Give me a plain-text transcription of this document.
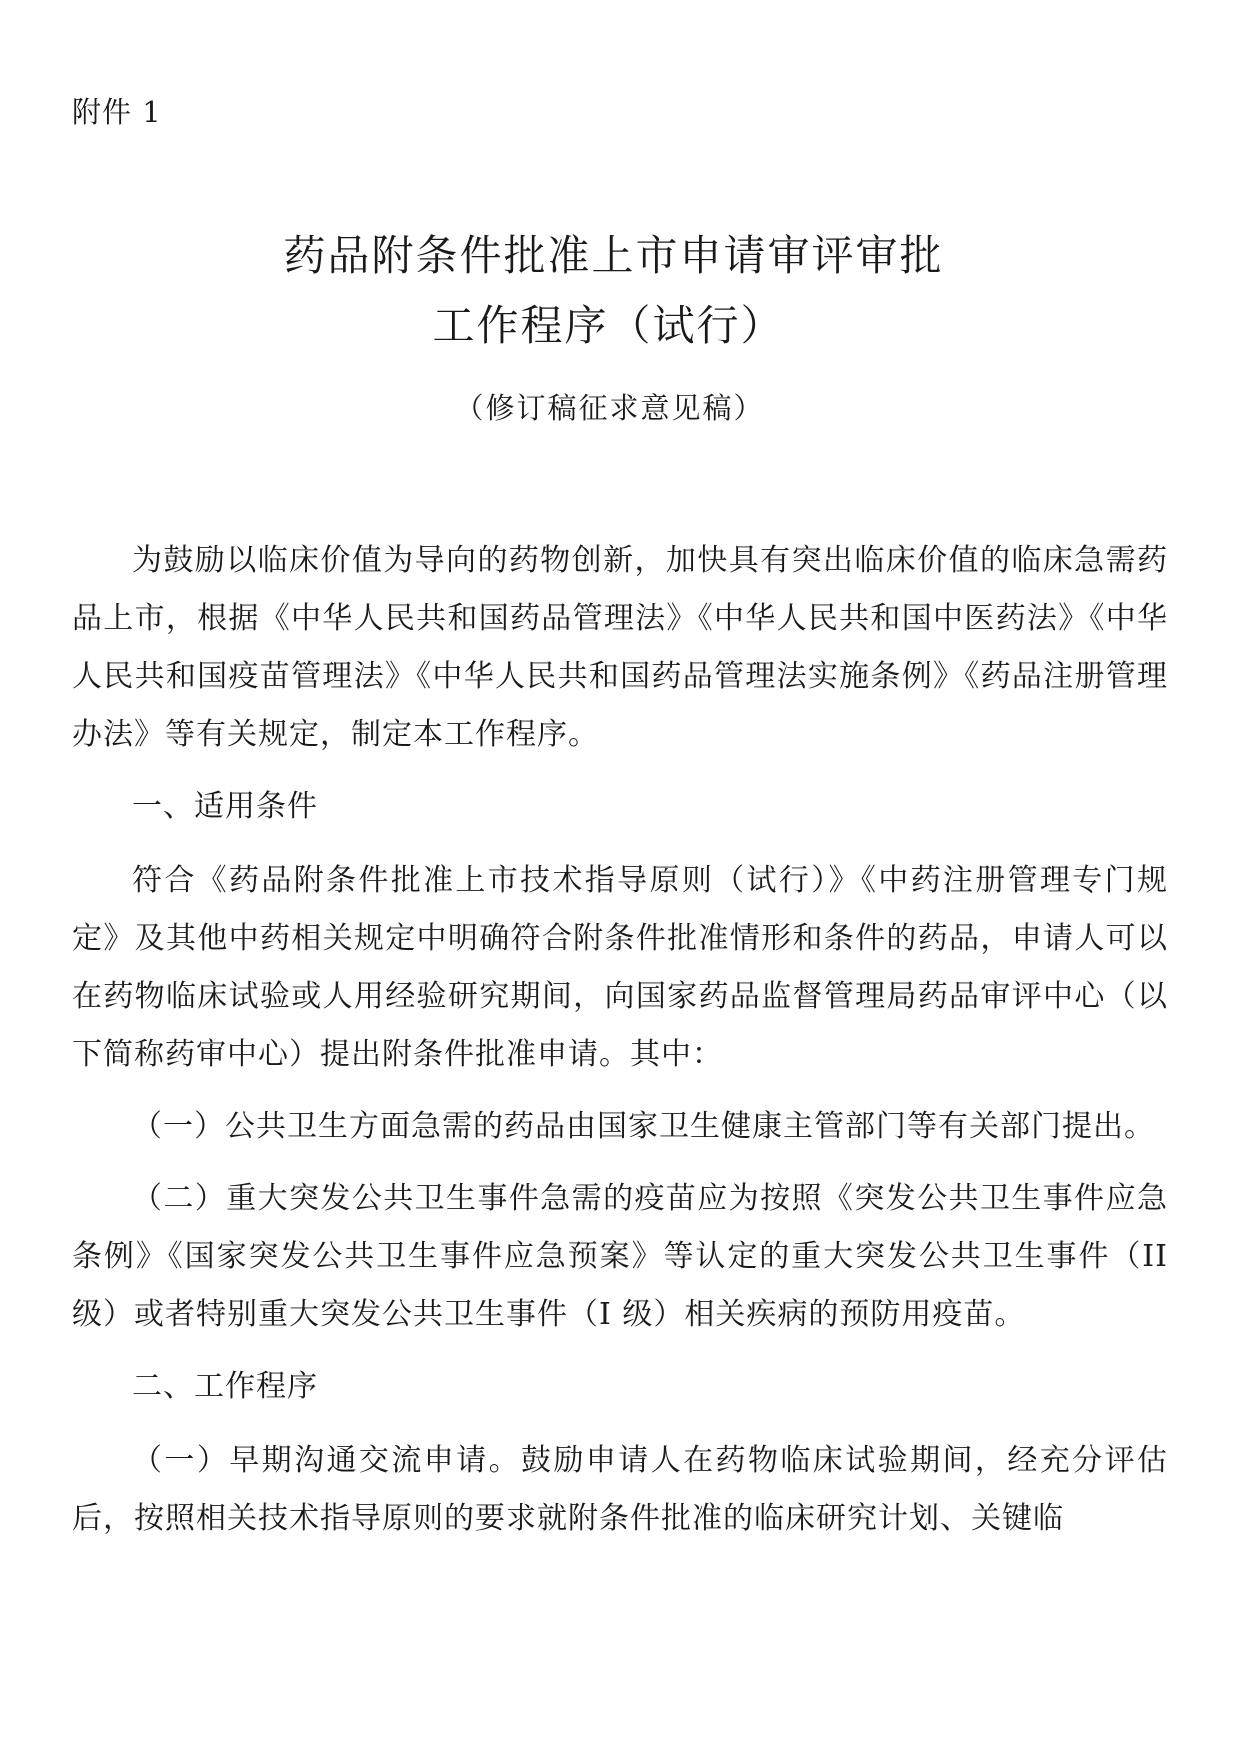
附件 1
药品附条件批准上市申请审评审批
工作程序（试行）
（修订稿征求意见稿）

为鼓励以临床价值为导向的药物创新，加快具有突出临床价值的临床急需药品上市，根据《中华人民共和国药品管理法》《中华人民共和国中医药法》《中华人民共和国疫苗管理法》《中华人民共和国药品管理法实施条例》《药品注册管理办法》等有关规定，制定本工作程序。

一、适用条件

符合《药品附条件批准上市技术指导原则（试行）》《中药注册管理专门规定》及其他中药相关规定中明确符合附条件批准情形和条件的药品，申请人可以在药物临床试验或人用经验研究期间，向国家药品监督管理局药品审评中心（以下简称药审中心）提出附条件批准申请。其中：

（一）公共卫生方面急需的药品由国家卫生健康主管部门等有关部门提出。

（二）重大突发公共卫生事件急需的疫苗应为按照《突发公共卫生事件应急条例》《国家突发公共卫生事件应急预案》等认定的重大突发公共卫生事件（II 级）或者特别重大突发公共卫生事件（I 级）相关疾病的预防用疫苗。

二、工作程序

（一）早期沟通交流申请。鼓励申请人在药物临床试验期间，经充分评估后，按照相关技术指导原则的要求就附条件批准的临床研究计划、关键临
